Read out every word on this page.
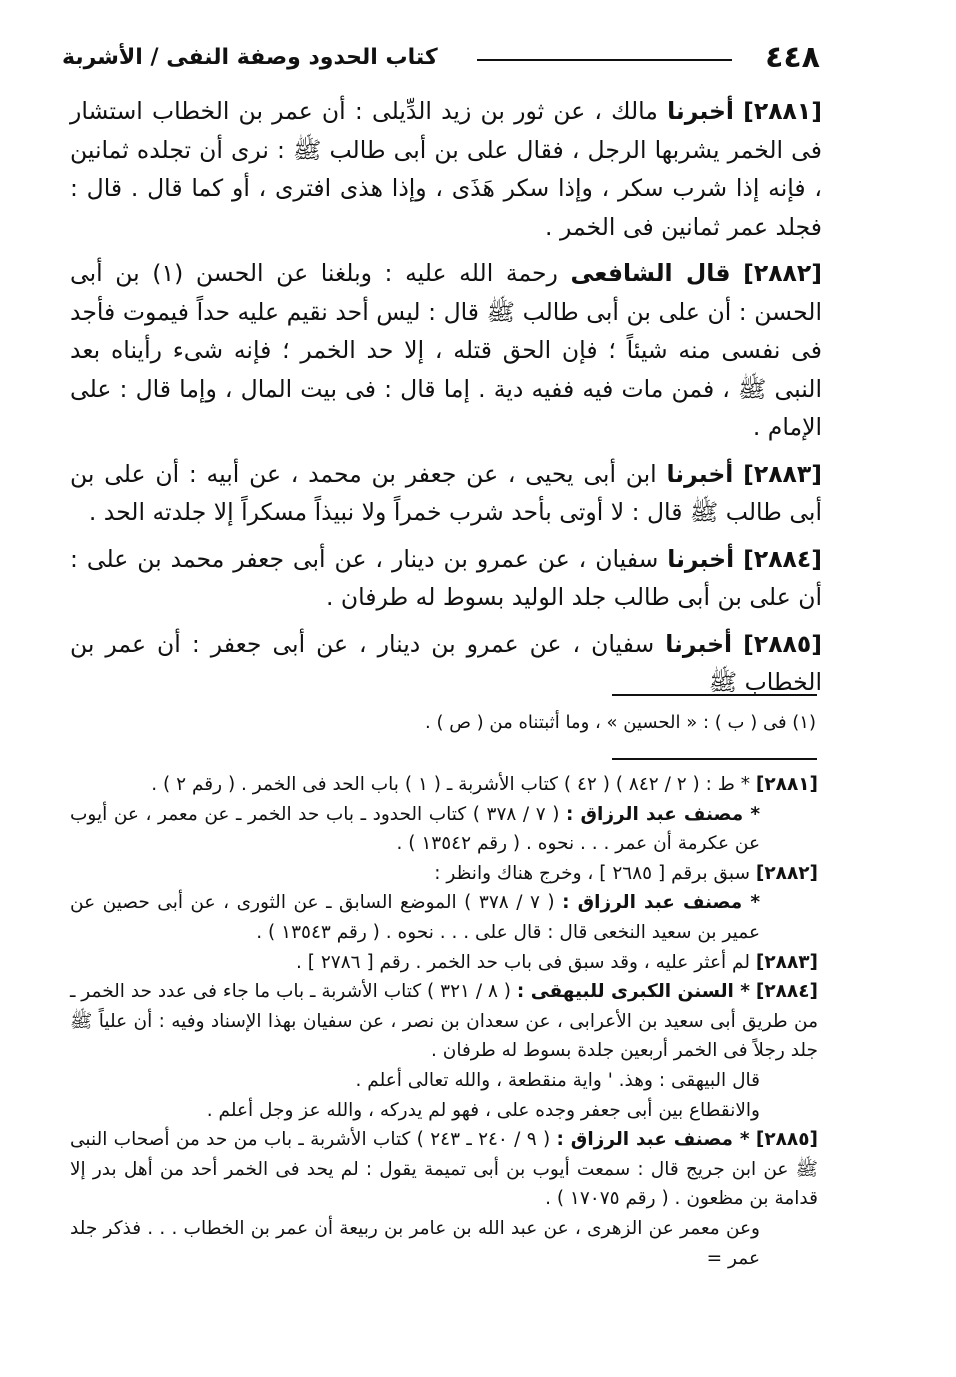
٤٤٨
كتاب الحدود وصفة النفى / الأشربة

[٢٨٨١] أخبرنا مالك ، عن ثور بن زيد الدِّيلى : أن عمر بن الخطاب استشار فى الخمر يشربها الرجل ، فقال على بن أبى طالب ﷺ : نرى أن تجلده ثمانين ، فإنه إذا شرب سكر ، وإذا سكر هَذَى ، وإذا هذى افترى ، أو كما قال . قال : فجلد عمر ثمانين فى الخمر .

[٢٨٨٢] قال الشافعى رحمة الله عليه : وبلغنا عن الحسن (١) بن أبى الحسن : أن على بن أبى طالب ﷺ قال : ليس أحد نقيم عليه حداً فيموت فأجد فى نفسى منه شيئاً ؛ فإن الحق قتله ، إلا حد الخمر ؛ فإنه شىء رأيناه بعد النبى ﷺ ، فمن مات فيه ففيه دية . إما قال : فى بيت المال ، وإما قال : على الإمام .

[٢٨٨٣] أخبرنا ابن أبى يحيى ، عن جعفر بن محمد ، عن أبيه : أن على بن أبى طالب ﷺ قال : لا أوتى بأحد شرب خمراً ولا نبيذاً مسكراً إلا جلدته الحد .

[٢٨٨٤] أخبرنا سفيان ، عن عمرو بن دينار ، عن أبى جعفر محمد بن على : أن على بن أبى طالب جلد الوليد بسوط له طرفان .

[٢٨٨٥] أخبرنا سفيان ، عن عمرو بن دينار ، عن أبى جعفر : أن عمر بن الخطاب ﷺ

(١) فى ( ب ) : « الحسين » ، وما أثبتناه من ( ص ) .
[٢٨٨١] * ط : ( ٢ / ٨٤٢ ) ( ٤٢ ) كتاب الأشربة ـ ( ١ ) باب الحد فى الخمر . ( رقم ٢ ) .
* مصنف عبد الرزاق : ( ٧ / ٣٧٨ ) كتاب الحدود ـ باب حد الخمر ـ عن معمر ، عن أيوب عن عكرمة أن عمر . . . نحوه . ( رقم ١٣٥٤٢ ) .
[٢٨٨٢] سبق برقم [ ٢٦٨٥ ] ، وخرج هناك وانظر :
* مصنف عبد الرزاق : ( ٧ / ٣٧٨ ) الموضع السابق ـ عن الثورى ، عن أبى حصين عن عمير بن سعيد النخعى قال : قال على . . . نحوه . ( رقم ١٣٥٤٣ ) .
[٢٨٨٣] لم أعثر عليه ، وقد سبق فى باب حد الخمر . رقم [ ٢٧٨٦ ] .
[٢٨٨٤] * السنن الكبرى للبيهقى : ( ٨ / ٣٢١ ) كتاب الأشربة ـ باب ما جاء فى عدد حد الخمر ـ من طريق أبى سعيد بن الأعرابى ، عن سعدان بن نصر ، عن سفيان بهذا الإسناد وفيه : أن علياً ﷺ جلد رجلاً فى الخمر أربعين جلدة بسوط له طرفان .
قال البيهقى : وهذ. ' واية منقطعة ، والله تعالى أعلم .
والانقطاع بين أبى جعفر وجده على ، فهو لم يدركه ، والله عز وجل أعلم .
[٢٨٨٥] * مصنف عبد الرزاق : ( ٩ / ٢٤٠ ـ ٢٤٣ ) كتاب الأشربة ـ باب من حد من أصحاب النبى ﷺ عن ابن جريج قال : سمعت أيوب بن أبى تميمة يقول : لم يحد فى الخمر أحد من أهل بدر إلا قدامة بن مظعون . ( رقم ١٧٠٧٥ ) .
وعن معمر عن الزهرى ، عن عبد الله بن عامر بن ربيعة أن عمر بن الخطاب . . . فذكر جلد عمر =
